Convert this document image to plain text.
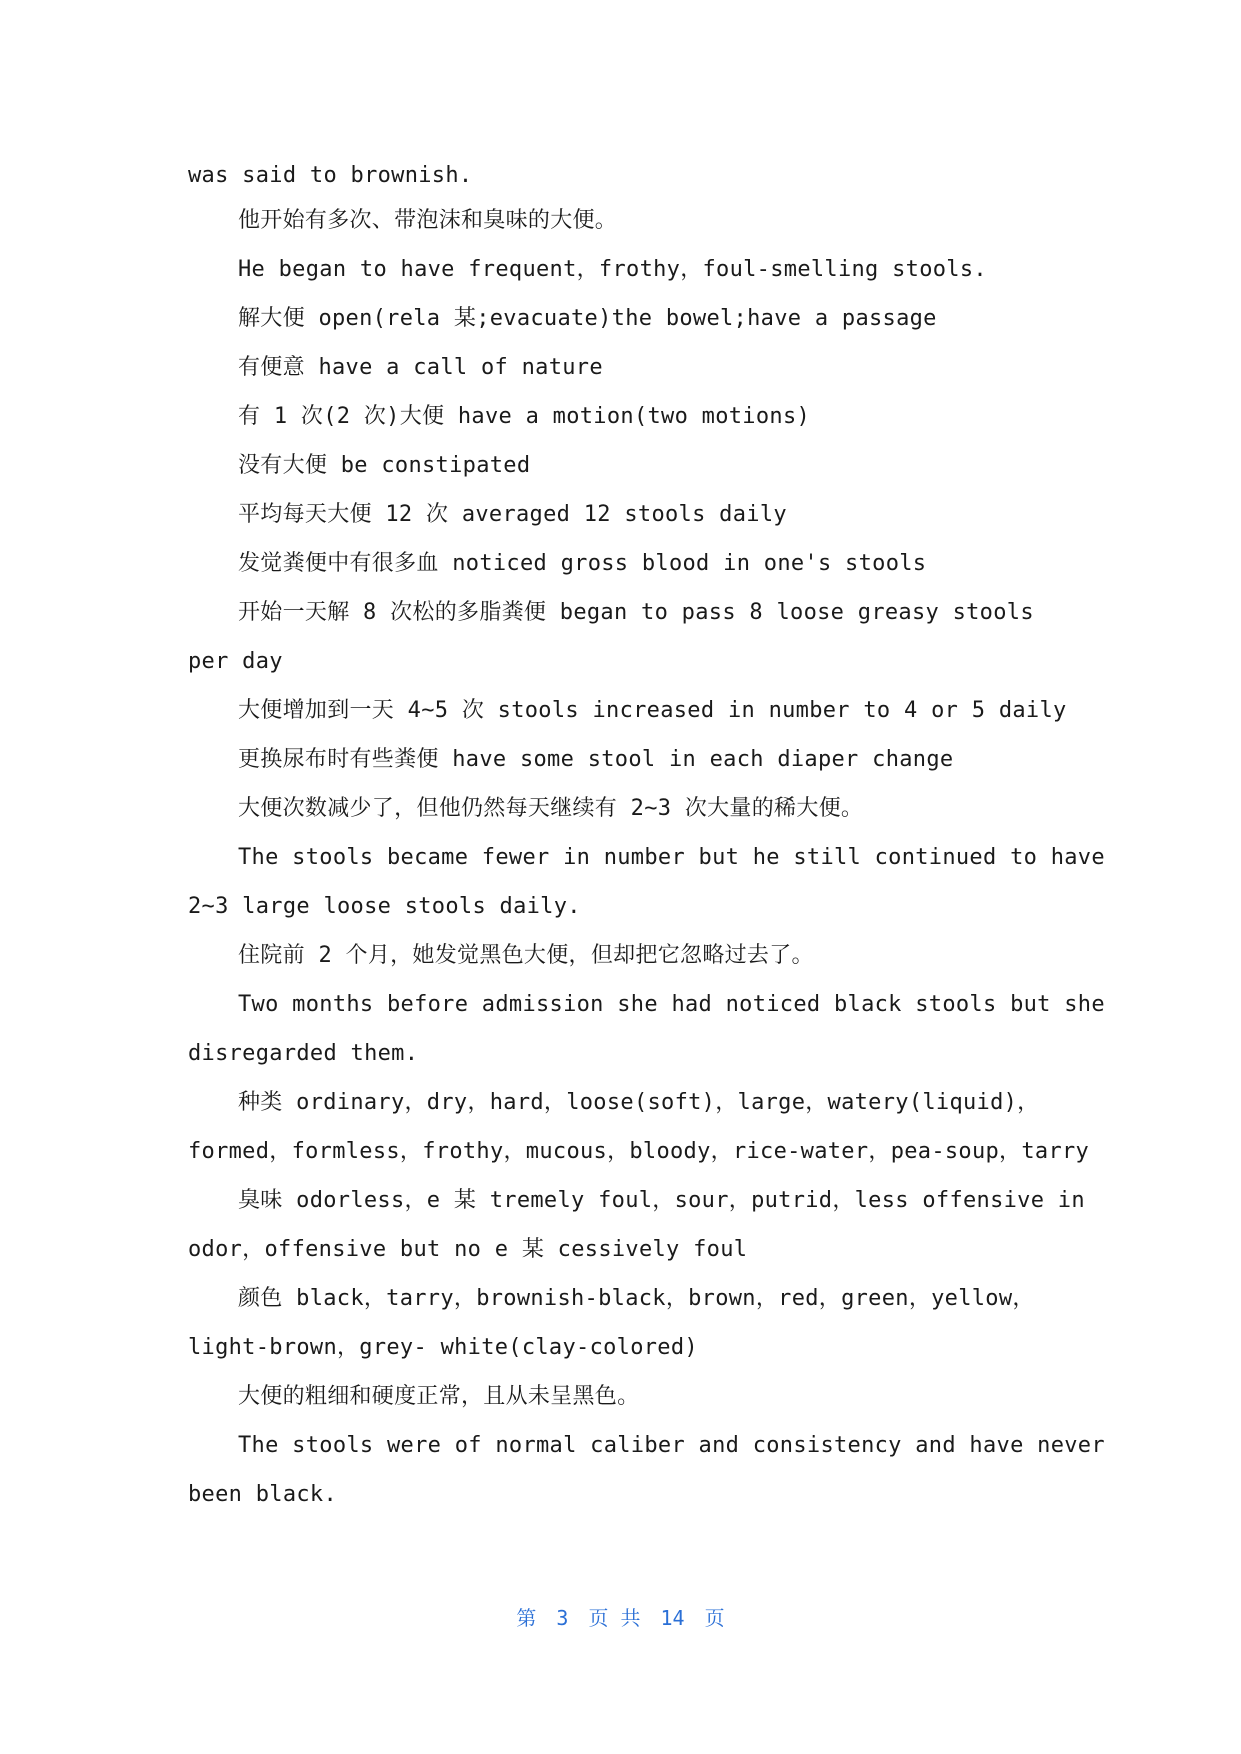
was said to brownish.
他开始有多次、带泡沫和臭味的大便。
He began to have frequent，frothy，foul-smelling stools.
解大便 open(rela 某;evacuate)the bowel;have a passage
有便意 have a call of nature
有 1 次(2 次)大便 have a motion(two motions)
没有大便 be constipated
平均每天大便 12 次 averaged 12 stools daily
发觉粪便中有很多血 noticed gross blood in one's stools
开始一天解 8 次松的多脂粪便 began to pass 8 loose greasy stools
per day
大便增加到一天 4~5 次 stools increased in number to 4 or 5 daily
更换尿布时有些粪便 have some stool in each diaper change
大便次数减少了，但他仍然每天继续有 2~3 次大量的稀大便。
The stools became fewer in number but he still continued to have
2~3 large loose stools daily.
住院前 2 个月，她发觉黑色大便，但却把它忽略过去了。
Two months before admission she had noticed black stools but she
disregarded them.
种类 ordinary，dry，hard，loose(soft)，large，watery(liquid)，
formed，formless，frothy，mucous，bloody，rice-water，pea-soup，tarry
臭味 odorless，e 某 tremely foul，sour，putrid，less offensive in
odor，offensive but no e 某 cessively foul
颜色 black，tarry，brownish-black，brown，red，green，yellow，
light-brown，grey- white(clay-colored)
大便的粗细和硬度正常，且从未呈黑色。
The stools were of normal caliber and consistency and have never
been black.
第 3 页 共 14 页
